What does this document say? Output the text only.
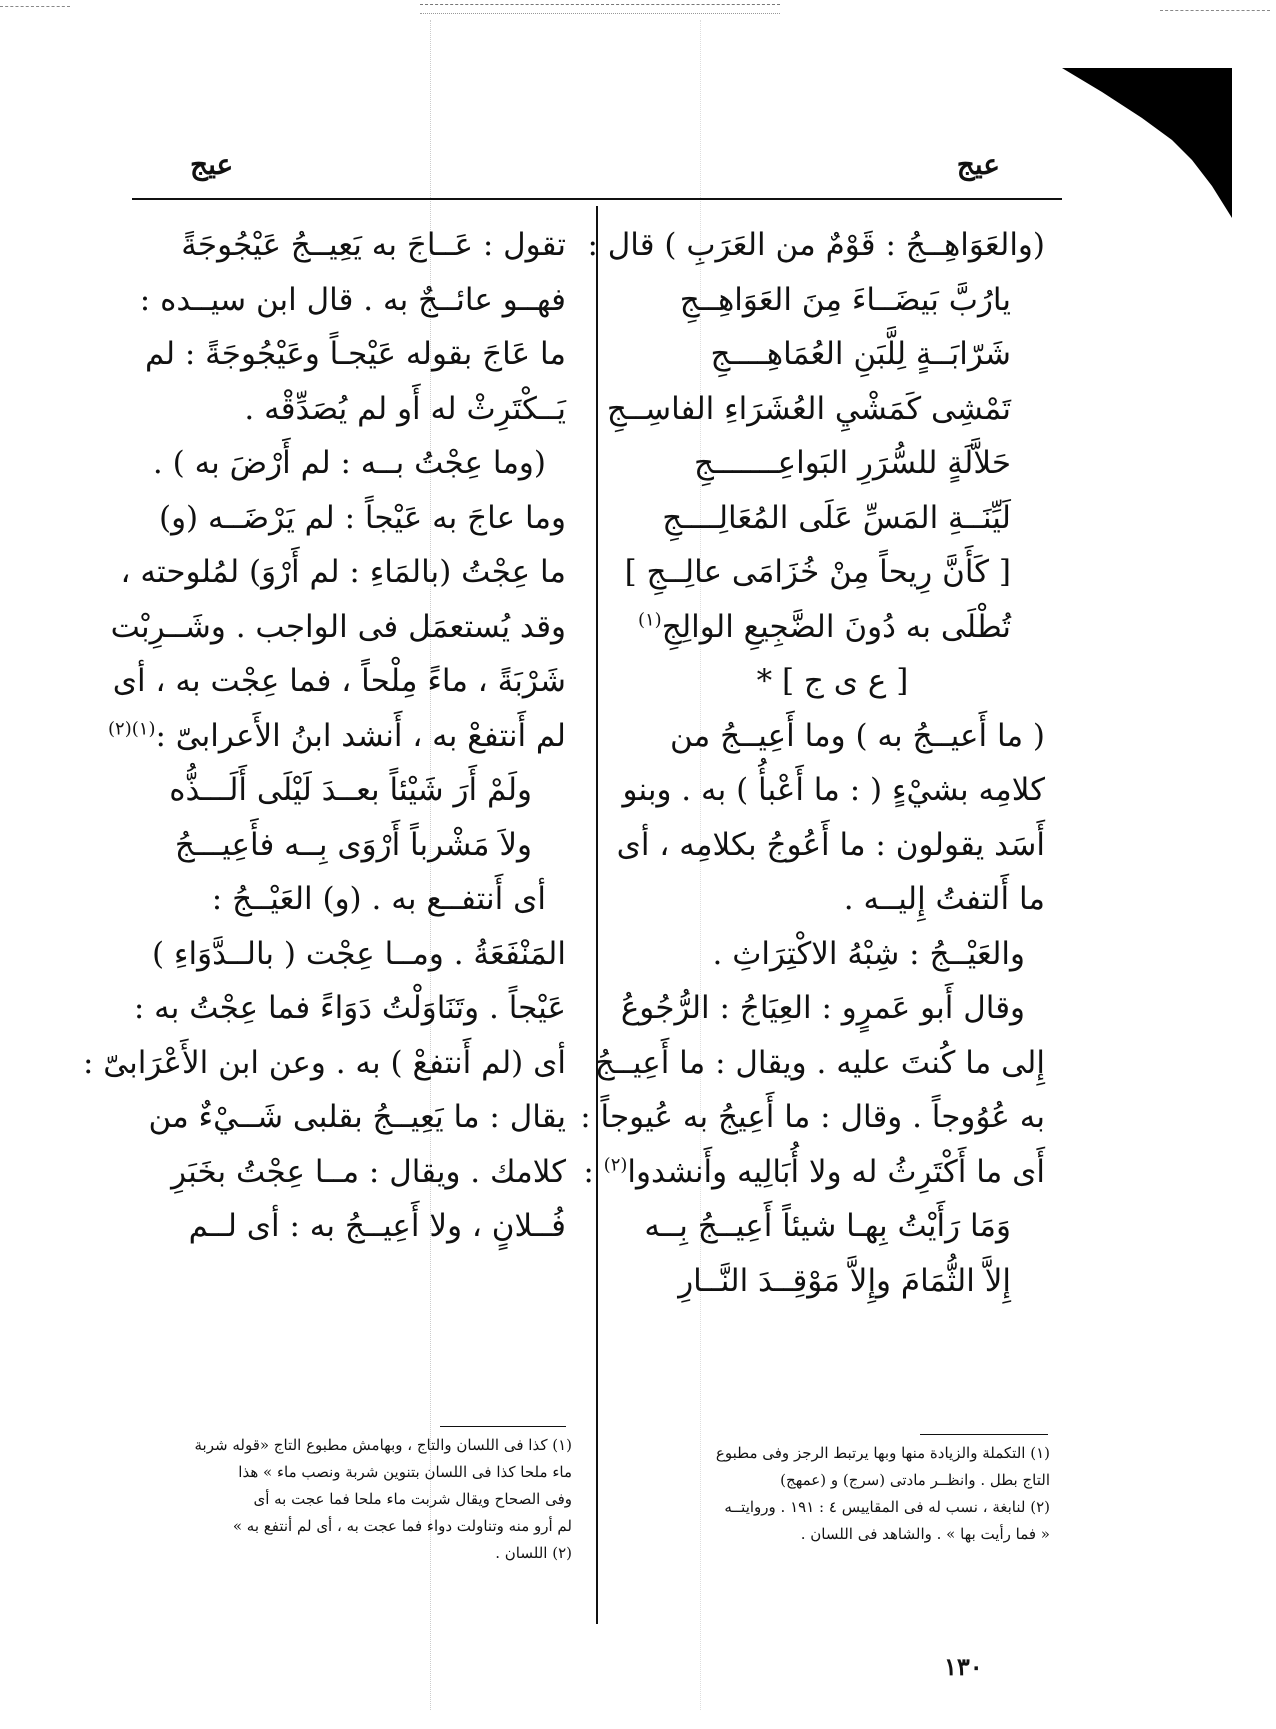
عيج	عيج
(والعَوَاهِــجُ : قَوْمٌ من العَرَبِ ) قال :
يارُبَّ بَيضَــاءَ مِنَ العَوَاهِــجِ
شَرّابَــةٍ لِلَّبَنِ العُمَاهِــــجِ
تَمْشِى كَمَشْيِ العُشَرَاءِ الفاسِــجِ
حَلاَّلَةٍ للسُّرَرِ البَواعِـــــــجِ
لَيِّنَــةِ المَسِّ عَلَى المُعَالِــــجِ
[ كَأَنَّ رِيحاً مِنْ خُزَامَى عالِــجِ ]
تُطْلَى به دُونَ الضَّجِيعِ الوالِجِ$^{(١)}$
[ ع ى ج ] *
( ما أَعيــجُ به ) وما أَعِيــجُ من
كلامِه بشيْءٍ ( : ما أَعْبأُ ) به . وبنو
أَسَد يقولون : ما أَعُوجُ بكلامِه ، أى
ما أَلتفتُ إِليــه .
والعَيْــجُ : شِبْهُ الاكْتِرَاثِ .
وقال أَبو عَمرٍو : العِيَاجُ : الرُّجُوعُ
إِلى ما كُنتَ عليه . ويقال : ما أَعِيــجُ
به عُوُوجاً . وقال : ما أَعِيجُ به عُيوجاً :
أَى ما أَكْتَرِثُ له ولا أُبَالِيه وأَنشدوا$^{(٢)}$ :
وَمَا رَأَيْتُ بِهـا شيئاً أَعِيــجُ بِــه
إِلاَّ الثُّمَامَ وإِلاَّ مَوْقِــدَ النَّــارِ
تقول : عَــاجَ به يَعِيــجُ عَيْجُوجَةً
فهــو عائــجٌ به . قال ابن سيــده :
ما عَاجَ بقوله عَيْجـاً وعَيْجُوجَةً : لم
يَــكْتَرِثْ له أَو لم يُصَدِّقْه .
(وما عِجْتُ بــه : لم أَرْضَ به ) .
وما عاجَ به عَيْجاً : لم يَرْضَــه (و)
ما عِجْتُ (بالمَاءِ : لم أَرْوَ) لمُلوحته ،
وقد يُستعمَل فى الواجب . وشَــرِبْت
شَرْبَةً ، ماءً مِلْحاً ، فما عِجْت به ، أى
لم أَنتفعْ به ، أَنشد ابنُ الأَعرابىّ :$^{(١)(٢)}$
ولَمْ أَرَ شَيْئاً بعــدَ لَيْلَى أَلَـــذُّه
ولاَ مَشْرباً أَرْوَى بِــه فأَعِيـــجُ
أى أَنتفــع به . (و) العَيْــجُ :
المَنْفَعَةُ . ومــا عِجْت ( بالــدَّوَاءِ )
عَيْجاً . وتَنَاوَلْتُ دَوَاءً فما عِجْتُ به :
أى (لم أَنتفعْ ) به . وعن ابن الأَعْرَابىّ :
يقال : ما يَعِيــجُ بقلبى شَــيْءٌ من
كلامك . ويقال : مــا عِجْتُ بخَبَرِ
فُــلانٍ ، ولا أَعِيــجُ به : أى لــم
(١) التكملة والزيادة منها وبها يرتبط الرجز وفى مطبوع
التاج بطل . وانظــر مادتى (سرج) و (عمهج)
(٢) لنابغة ، نسب له فى المقاييس ٤ : ١٩١ . وروايتــه
« فما رأيت بها » . والشاهد فى اللسان .
(١) كذا فى اللسان والتاج ، وبهامش مطبوع التاج «قوله شربة
ماء ملحا كذا فى اللسان بتنوين شربة ونصب ماء » هذا
وفى الصحاح ويقال شربت ماء ملحا فما عجت به أى
لم أرو منه وتناولت دواء فما عجت به ، أى لم أنتفع به »
(٢) اللسان .
١٣٠
